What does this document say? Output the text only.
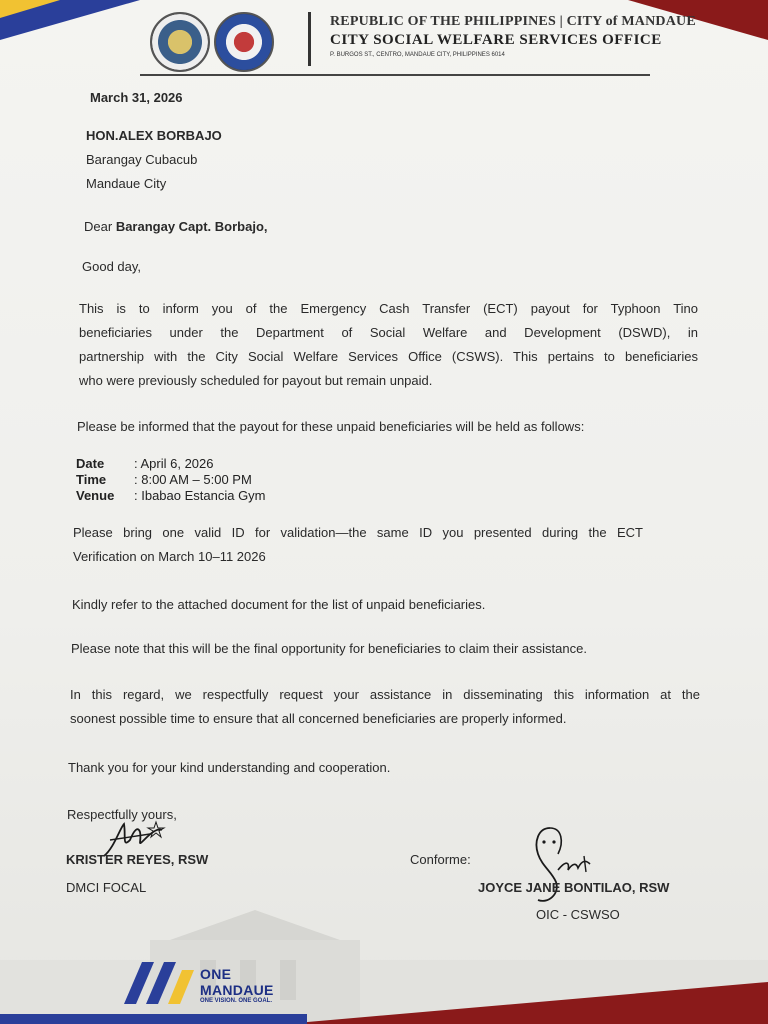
REPUBLIC OF THE PHILIPPINES | CITY of MANDAUE
CITY SOCIAL WELFARE SERVICES OFFICE
P. BURGOS ST., CENTRO, MANDAUE CITY, PHILIPPINES 6014
March 31, 2026
HON.ALEX BORBAJO
Barangay Cubacub
Mandaue City
Dear Barangay Capt. Borbajo,
Good day,
This is to inform you of the Emergency Cash Transfer (ECT) payout for Typhoon Tino
beneficiaries under the Department of Social Welfare and Development (DSWD), in
partnership with the City Social Welfare Services Office (CSWS). This pertains to beneficiaries
who were previously scheduled for payout but remain unpaid.
Please be informed that the payout for these unpaid beneficiaries will be held as follows:
Date : April 6, 2026
Time : 8:00 AM – 5:00 PM
Venue : Ibabao Estancia Gym
Please bring one valid ID for validation—the same ID you presented during the ECT
Verification on March 10–11 2026
Kindly refer to the attached document for the list of unpaid beneficiaries.
Please note that this will be the final opportunity for beneficiaries to claim their assistance.
In this regard, we respectfully request your assistance in disseminating this information at the
soonest possible time to ensure that all concerned beneficiaries are properly informed.
Thank you for your kind understanding and cooperation.
Respectfully yours,
KRISTER REYES, RSW
DMCI FOCAL
Conforme:
JOYCE JANE BONTILAO, RSW
OIC - CSWSO
ONE
MANDAUE
ONE VISION. ONE GOAL.
